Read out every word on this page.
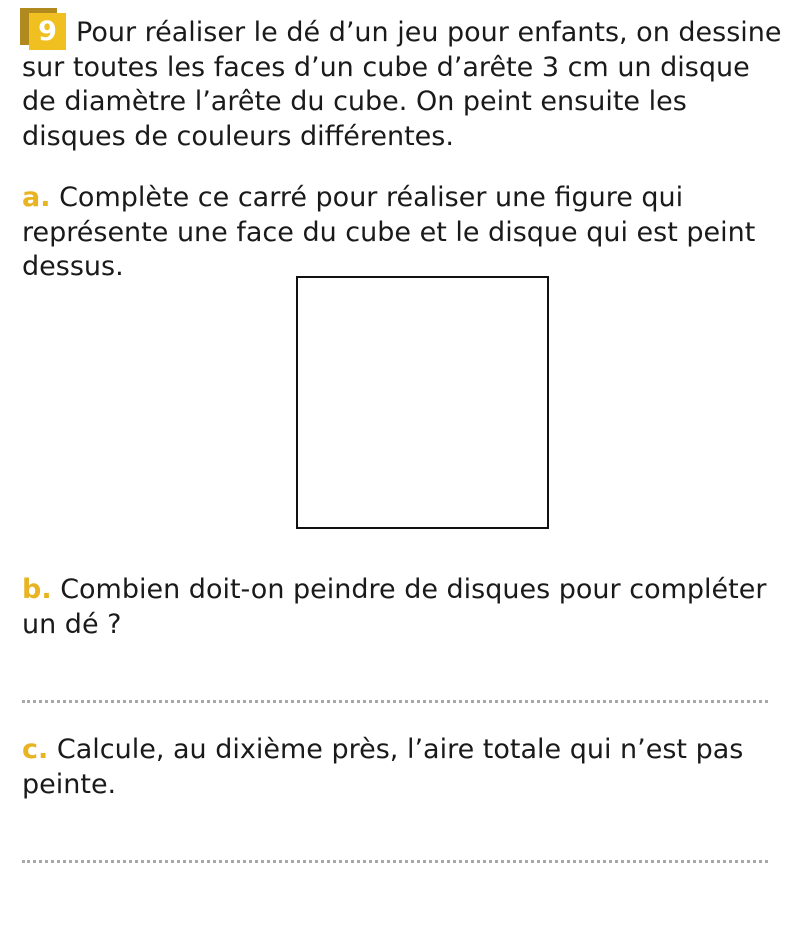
9 Pour réaliser le dé d’un jeu pour enfants, on dessine sur toutes les faces d’un cube d’arête 3 cm un disque de diamètre l’arête du cube. On peint ensuite les disques de couleurs différentes.

a. Complète ce carré pour réaliser une figure qui représente une face du cube et le disque qui est peint dessus.

b. Combien doit-on peindre de disques pour compléter un dé ?

c. Calcule, au dixième près, l’aire totale qui n’est pas peinte.
